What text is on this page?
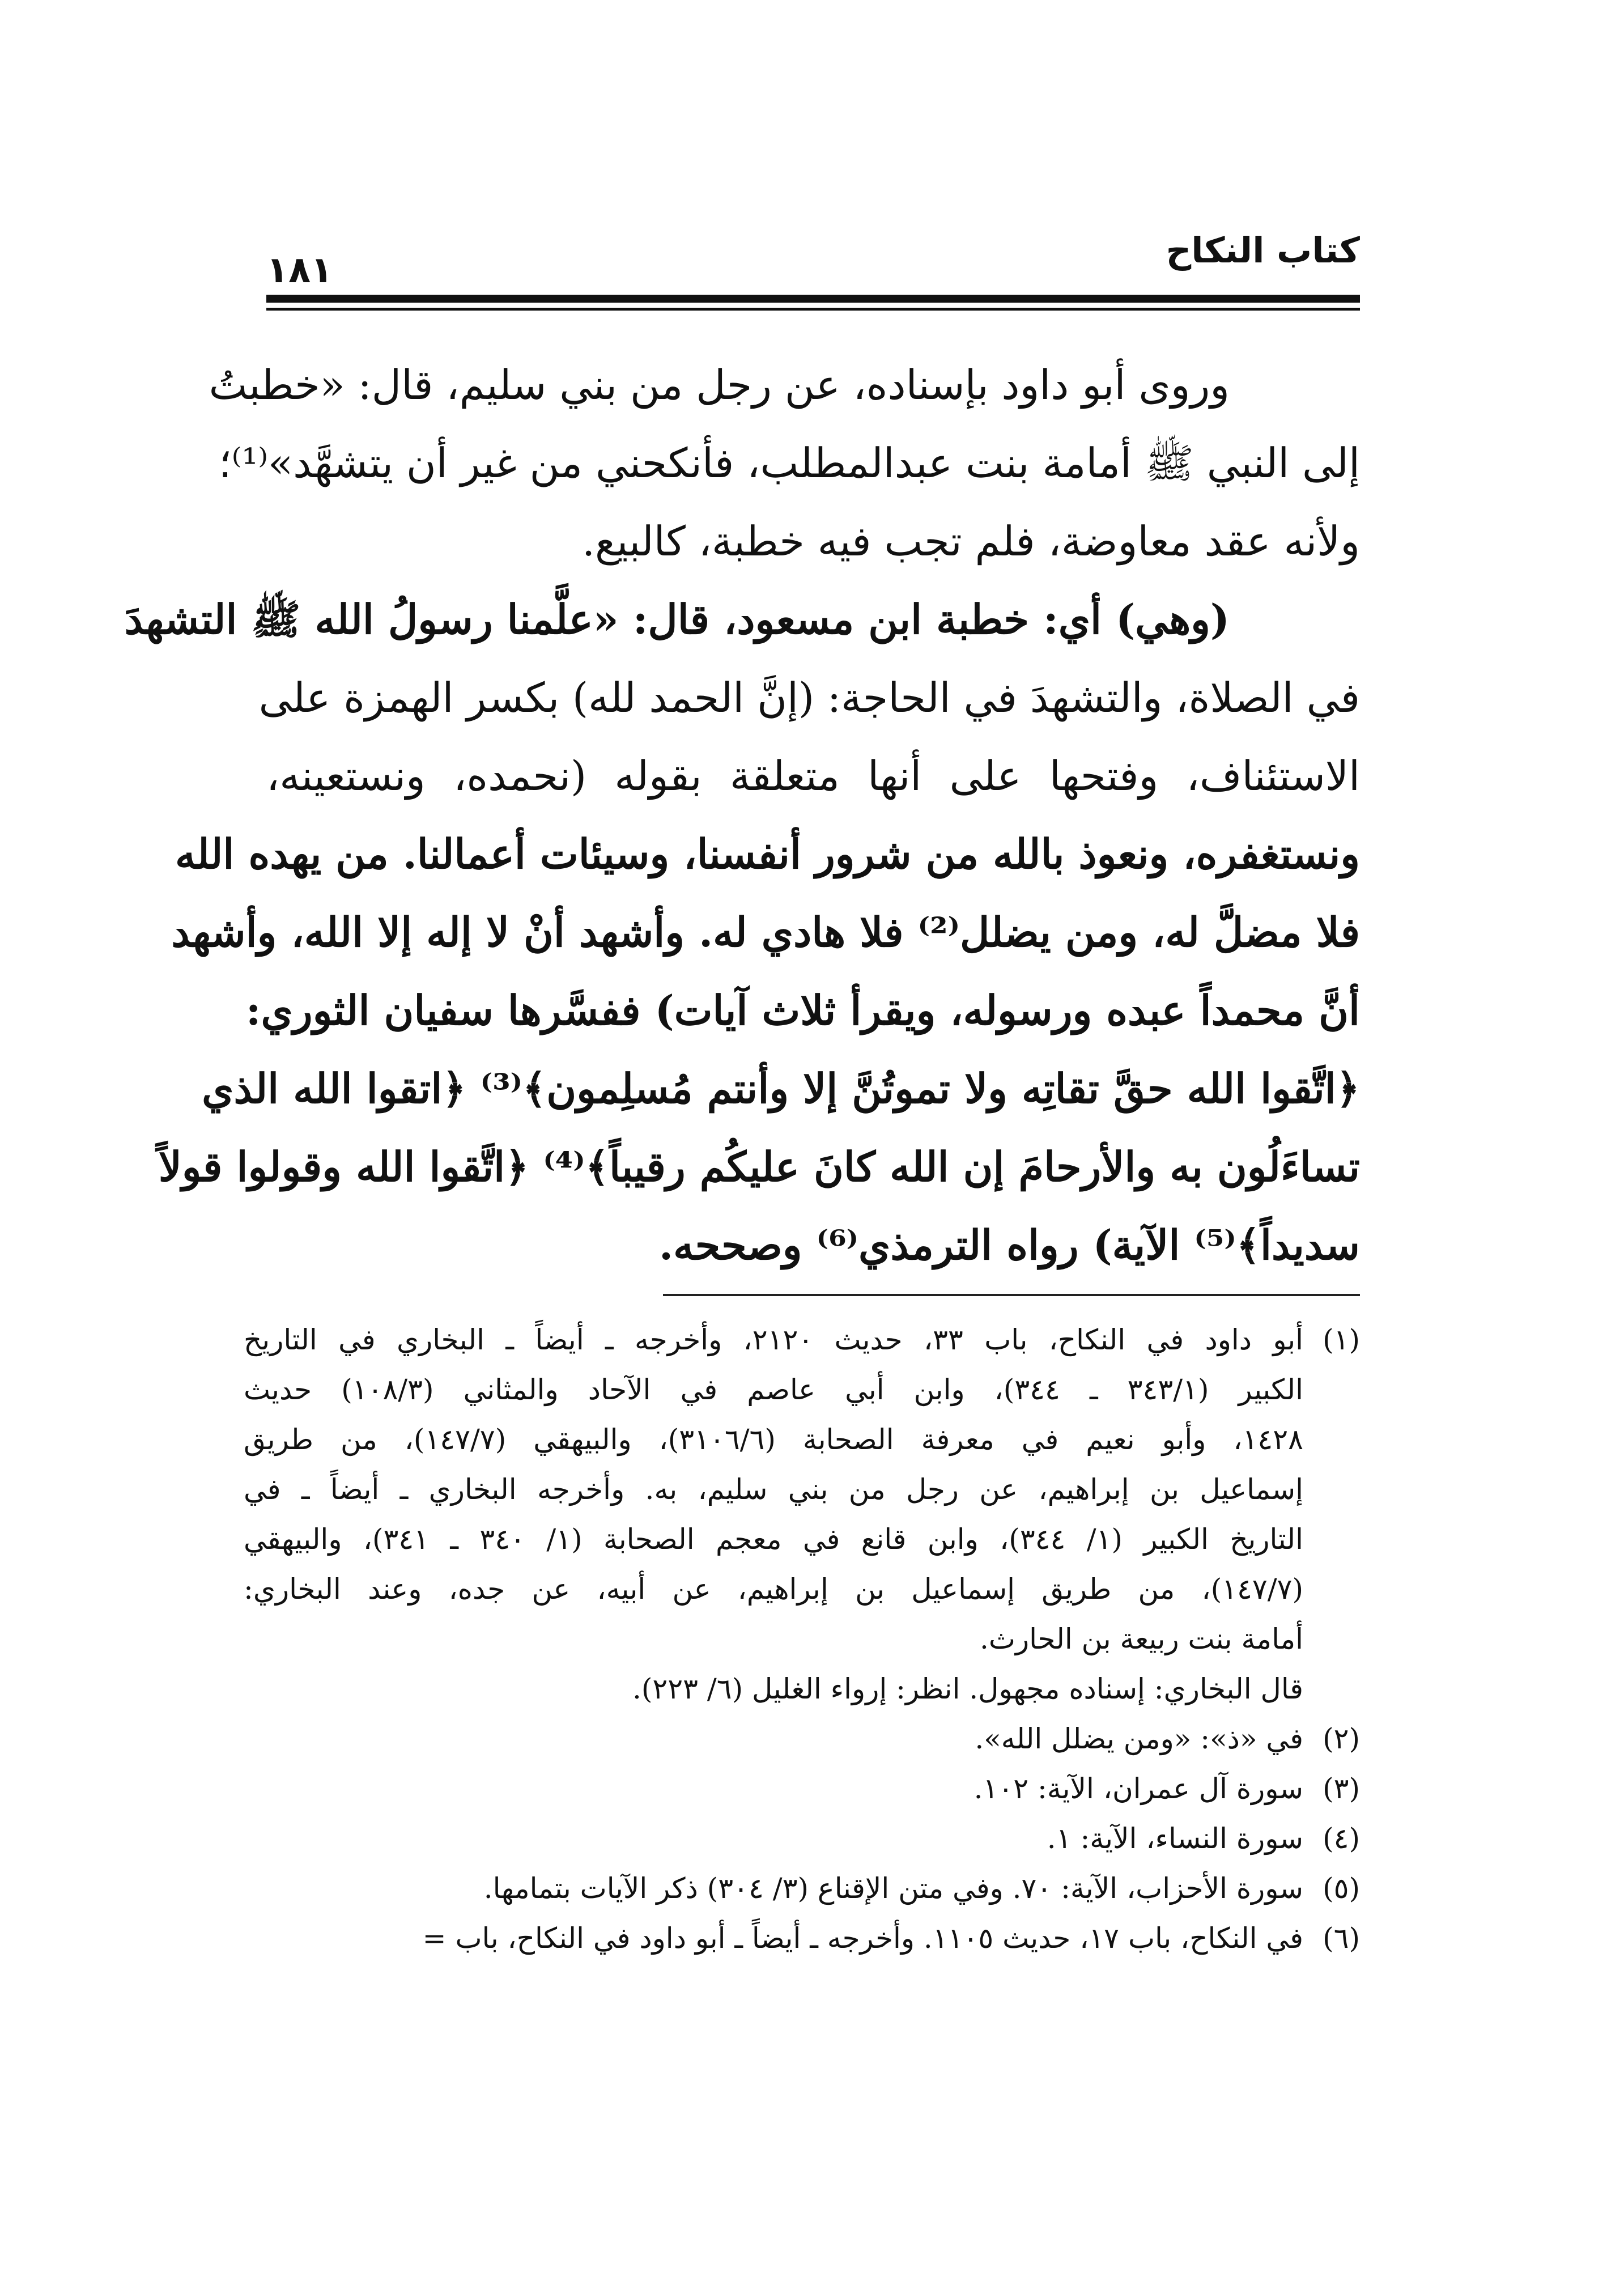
كتاب النكاح
١٨١
وروى أبو داود بإسناده، عن رجل من بني سليم، قال: «خطبتُ
إلى النبي ﷺ أمامة بنت عبدالمطلب، فأنكحني من غير أن يتشهَّد»⁽¹⁾؛
ولأنه عقد معاوضة، فلم تجب فيه خطبة، كالبيع.
(وهي) أي: خطبة ابن مسعود، قال: «علَّمنا رسولُ الله ﷺ التشهدَ
في الصلاة، والتشهدَ في الحاجة: (إنَّ الحمد لله) بكسر الهمزة على
الاستئناف، وفتحها على أنها متعلقة بقوله (نحمده، ونستعينه،
ونستغفره، ونعوذ بالله من شرور أنفسنا، وسيئات أعمالنا. من يهده الله
فلا مضلَّ له، ومن يضلل⁽²⁾ فلا هادي له. وأشهد أنْ لا إله إلا الله، وأشهد
أنَّ محمداً عبده ورسوله، ويقرأ ثلاث آيات) ففسَّرها سفيان الثوري:
﴿اتَّقوا الله حقَّ تقاتِه ولا تموتُنَّ إلا وأنتم مُسلِمون﴾⁽³⁾ ﴿اتقوا الله الذي
تساءَلُون به والأرحامَ إن الله كانَ عليكُم رقيباً﴾⁽⁴⁾ ﴿اتَّقوا الله وقولوا قولاً
سديداً﴾⁽⁵⁾ الآية) رواه الترمذي⁽⁶⁾ وصححه.
(١)أبو داود في النكاح، باب ٣٣، حديث ٢١٢٠، وأخرجه ـ أيضاً ـ البخاري في التاريخ
الكبير (٣٤٣/١ ـ ٣٤٤)، وابن أبي عاصم في الآحاد والمثاني (١٠٨/٣) حديث
١٤٢٨، وأبو نعيم في معرفة الصحابة (٣١٠٦/٦)، والبيهقي (١٤٧/٧)، من طريق
إسماعيل بن إبراهيم، عن رجل من بني سليم، به. وأخرجه البخاري ـ أيضاً ـ في
التاريخ الكبير (١/ ٣٤٤)، وابن قانع في معجم الصحابة (١/ ٣٤٠ ـ ٣٤١)، والبيهقي
(١٤٧/٧)، من طريق إسماعيل بن إبراهيم، عن أبيه، عن جده، وعند البخاري:
أمامة بنت ربيعة بن الحارث.
قال البخاري: إسناده مجهول. انظر: إرواء الغليل (٦/ ٢٢٣).
(٢)في «ذ»: «ومن يضلل الله».
(٣)سورة آل عمران، الآية: ١٠٢.
(٤)سورة النساء، الآية: ١.
(٥)سورة الأحزاب، الآية: ٧٠. وفي متن الإقناع (٣/ ٣٠٤) ذكر الآيات بتمامها.
(٦)في النكاح، باب ١٧، حديث ١١٠٥. وأخرجه ـ أيضاً ـ أبو داود في النكاح، باب =
